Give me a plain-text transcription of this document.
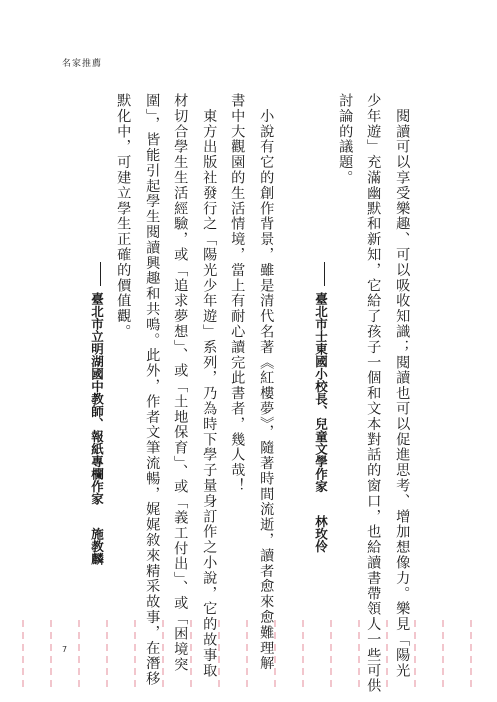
名家推薦
　閱讀可以享受樂趣、可以吸收知識；閱讀也可以促進思考、增加想像力。樂見「陽光
少年遊」充滿幽默和新知，它給了孩子一個和文本對話的窗口，也給讀書帶領人一些可供
討論的議題。
臺北市士東國小校長、兒童文學作家  林玫伶
　小說有它的創作背景，雖是清代名著《紅樓夢》，隨著時間流逝，讀者愈來愈難理解
書中大觀園的生活情境，當上有耐心讀完此書者，幾人哉！
　東方出版社發行之「陽光少年遊」系列，乃為時下學子量身訂作之小說，它的故事取
材切合學生生活經驗，或「追求夢想」、或「土地保育」、或「義工付出」、或「困境突
圍」，皆能引起學生閱讀興趣和共鳴。此外，作者文筆流暢，娓娓敘來精采故事，在潛移
默化中，可建立學生正確的價值觀。
臺北市立明湖國中教師、報紙專欄作家  施教麟
7
